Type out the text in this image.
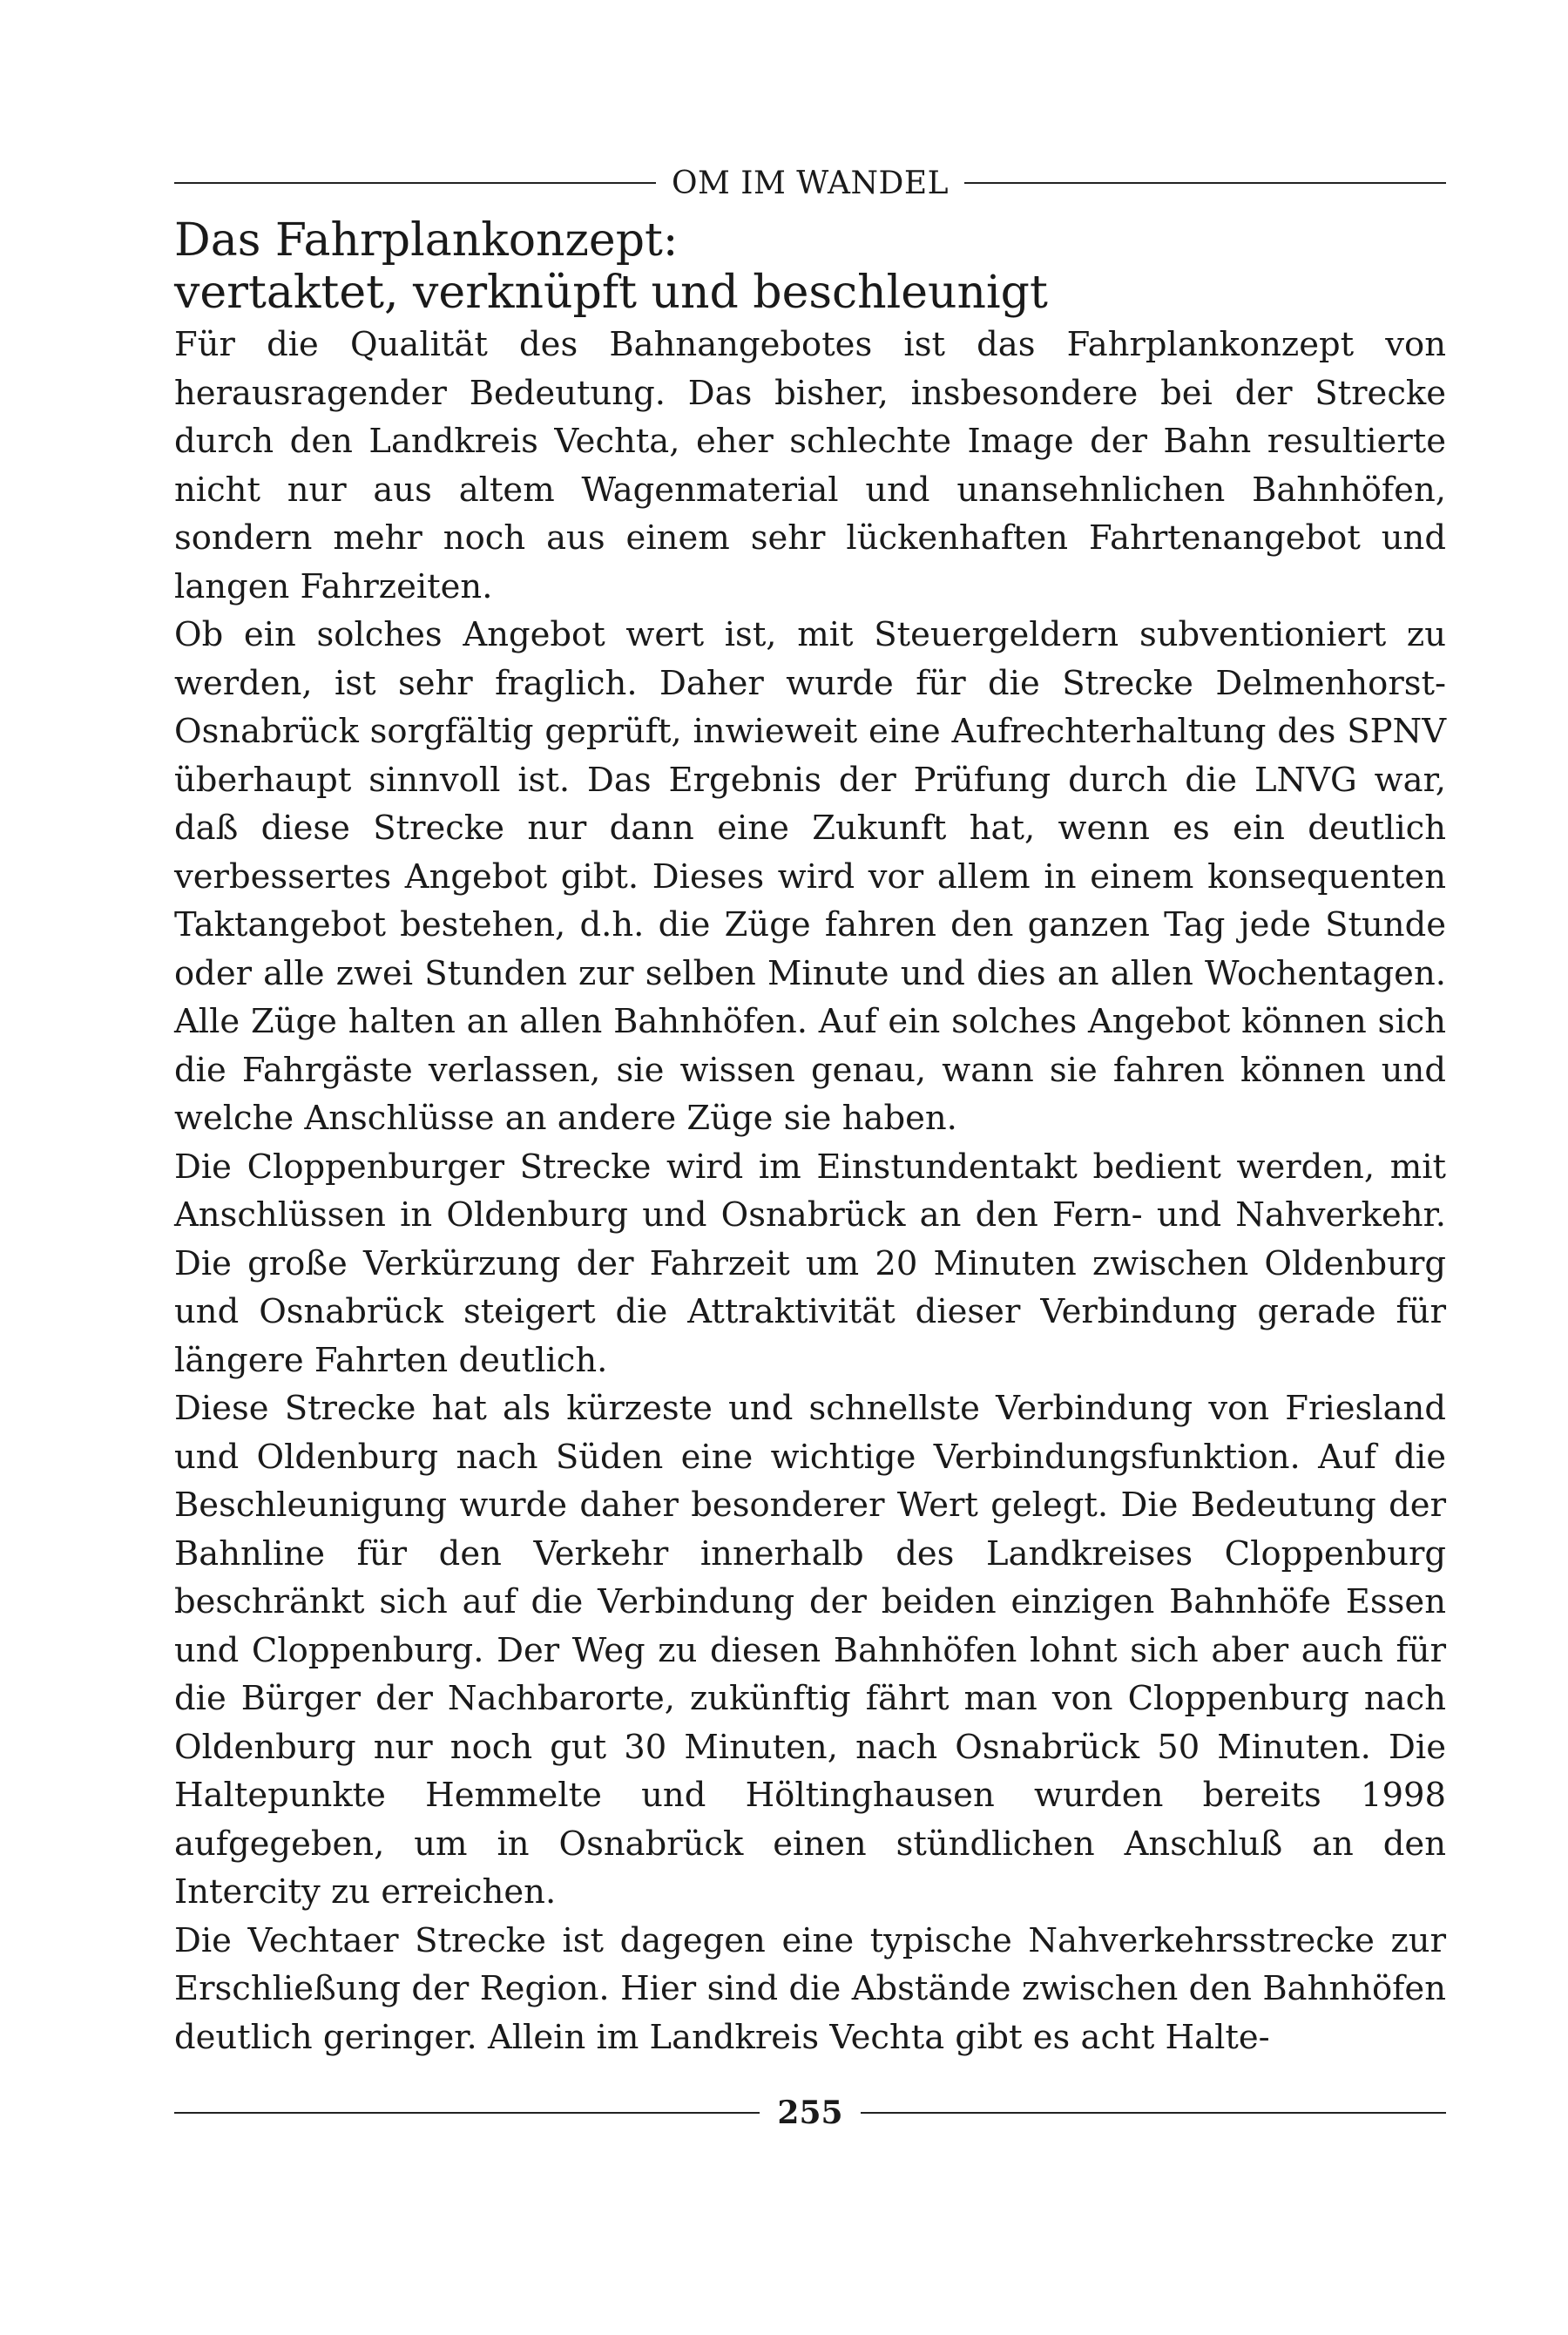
OM IM WANDEL
Das Fahrplankonzept:
vertaktet, verknüpft und beschleunigt

Für die Qualität des Bahnangebotes ist das Fahrplankonzept von herausragender Bedeutung. Das bisher, insbesondere bei der Strecke durch den Landkreis Vechta, eher schlechte Image der Bahn resultierte nicht nur aus altem Wagenmaterial und unansehnlichen Bahnhöfen, sondern mehr noch aus einem sehr lückenhaften Fahrtenangebot und langen Fahrzeiten.

Ob ein solches Angebot wert ist, mit Steuergeldern subventioniert zu werden, ist sehr fraglich. Daher wurde für die Strecke Delmenhorst-Osnabrück sorgfältig geprüft, inwieweit eine Aufrechterhaltung des SPNV überhaupt sinnvoll ist. Das Ergebnis der Prüfung durch die LNVG war, daß diese Strecke nur dann eine Zukunft hat, wenn es ein deutlich verbessertes Angebot gibt. Dieses wird vor allem in einem konsequenten Taktangebot bestehen, d.h. die Züge fahren den ganzen Tag jede Stunde oder alle zwei Stunden zur selben Minute und dies an allen Wochentagen. Alle Züge halten an allen Bahnhöfen. Auf ein solches Angebot können sich die Fahrgäste verlassen, sie wissen genau, wann sie fahren können und welche Anschlüsse an andere Züge sie haben.

Die Cloppenburger Strecke wird im Einstundentakt bedient werden, mit Anschlüssen in Oldenburg und Osnabrück an den Fern- und Nahverkehr. Die große Verkürzung der Fahrzeit um 20 Minuten zwischen Oldenburg und Osnabrück steigert die Attraktivität dieser Verbindung gerade für längere Fahrten deutlich.

Diese Strecke hat als kürzeste und schnellste Verbindung von Friesland und Oldenburg nach Süden eine wichtige Verbindungsfunktion. Auf die Beschleunigung wurde daher besonderer Wert gelegt. Die Bedeutung der Bahnline für den Verkehr innerhalb des Landkreises Cloppenburg beschränkt sich auf die Verbindung der beiden einzigen Bahnhöfe Essen und Cloppenburg. Der Weg zu diesen Bahnhöfen lohnt sich aber auch für die Bürger der Nachbarorte, zukünftig fährt man von Cloppenburg nach Oldenburg nur noch gut 30 Minuten, nach Osnabrück 50 Minuten. Die Haltepunkte Hemmelte und Höltinghausen wurden bereits 1998 aufgegeben, um in Osnabrück einen stündlichen Anschluß an den Intercity zu erreichen.

Die Vechtaer Strecke ist dagegen eine typische Nahverkehrsstrecke zur Erschließung der Region. Hier sind die Abstände zwischen den Bahnhöfen deutlich geringer. Allein im Landkreis Vechta gibt es acht Halte-

255
